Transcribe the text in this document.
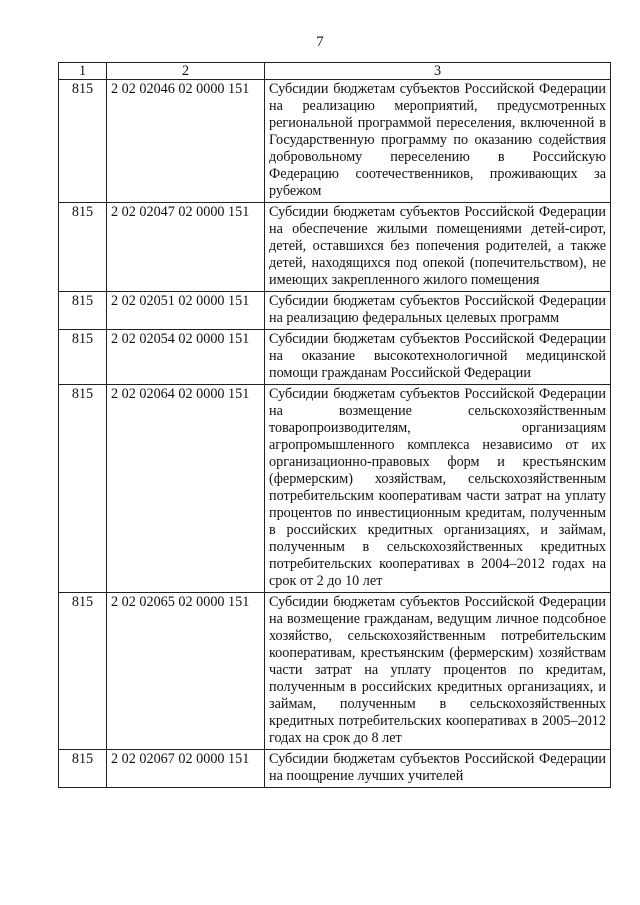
7
1	2	3
815	2 02 02046 02 0000 151	Субсидии бюджетам субъектов Российской Федерации на реализацию мероприятий, предусмотренных региональной программой переселения, включенной в Государственную программу по оказанию содействия добровольному переселению в Российскую Федерацию соотечественников, проживающих за рубежом
815	2 02 02047 02 0000 151	Субсидии бюджетам субъектов Российской Федерации на обеспечение жилыми помещениями детей-сирот, детей, оставшихся без попечения родителей, а также детей, находящихся под опекой (попечительством), не имеющих закрепленного жилого помещения
815	2 02 02051 02 0000 151	Субсидии бюджетам субъектов Российской Федерации на реализацию федеральных целевых программ
815	2 02 02054 02 0000 151	Субсидии бюджетам субъектов Российской Федерации на оказание высокотехнологичной медицинской помощи гражданам Российской Федерации
815	2 02 02064 02 0000 151	Субсидии бюджетам субъектов Российской Федерации на возмещение сельскохозяйственным товаропроизводителям, организациям агропромышленного комплекса независимо от их организационно-правовых форм и крестьянским (фермерским) хозяйствам, сельскохозяйственным потребительским кооперативам части затрат на уплату процентов по инвестиционным кредитам, полученным в российских кредитных организациях, и займам, полученным в сельскохозяйственных кредитных потребительских кооперативах в 2004–2012 годах на срок от 2 до 10 лет
815	2 02 02065 02 0000 151	Субсидии бюджетам субъектов Российской Федерации на возмещение гражданам, ведущим личное подсобное хозяйство, сельскохозяйственным потребительским кооперативам, крестьянским (фермерским) хозяйствам части затрат на уплату процентов по кредитам, полученным в российских кредитных организациях, и займам, полученным в сельскохозяйственных кредитных потребительских кооперативах в 2005–2012 годах на срок до 8 лет
815	2 02 02067 02 0000 151	Субсидии бюджетам субъектов Российской Федерации на поощрение лучших учителей
